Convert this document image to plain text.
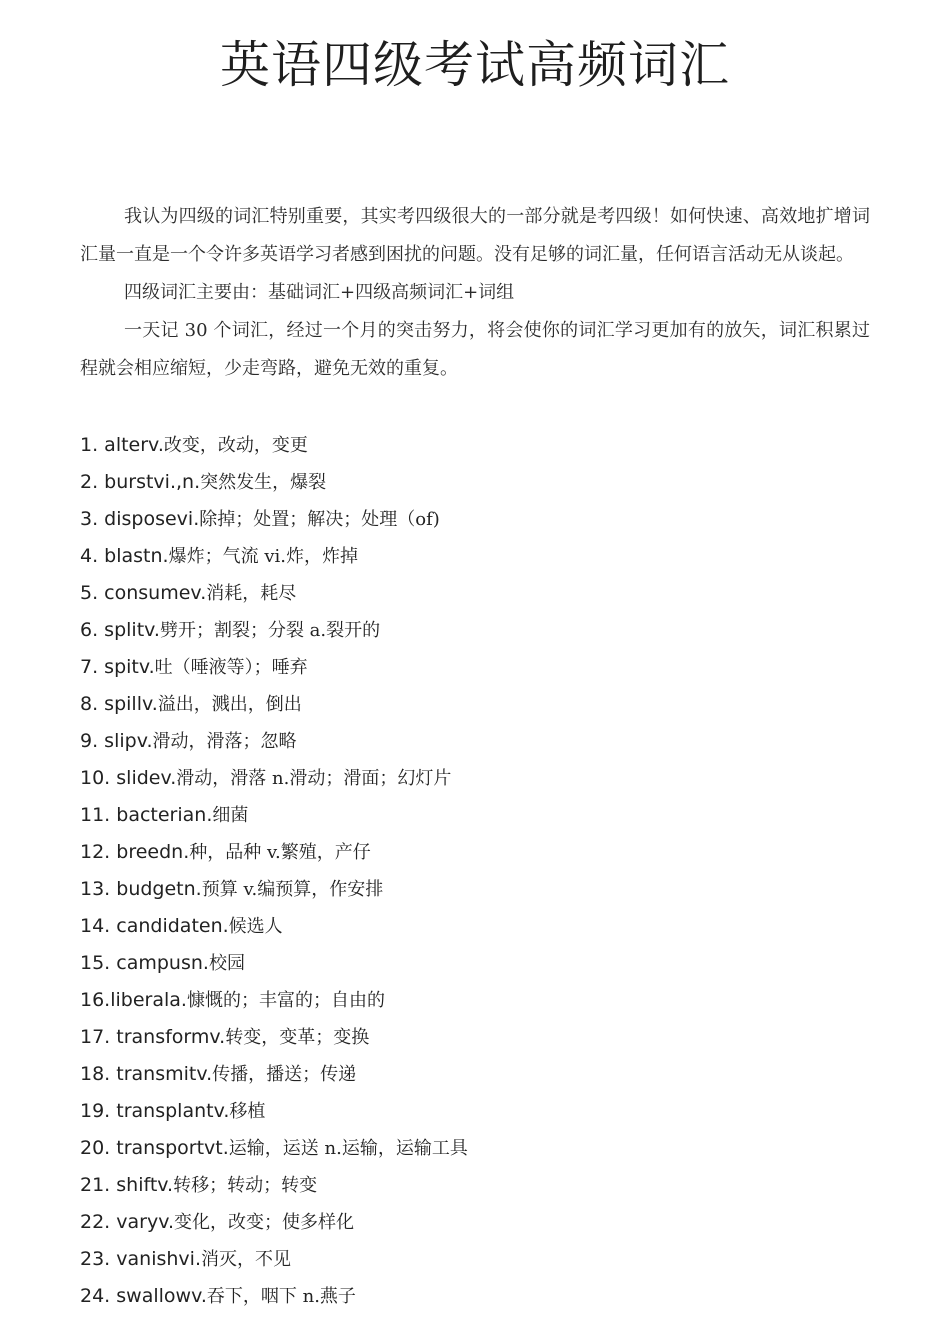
英语四级考试高频词汇

我认为四级的词汇特别重要，其实考四级很大的一部分就是考四级！如何快速、高效地扩增词汇量一直是一个令许多英语学习者感到困扰的问题。没有足够的词汇量，任何语言活动无从谈起。

四级词汇主要由：基础词汇+四级高频词汇+词组

一天记 30 个词汇，经过一个月的突击努力，将会使你的词汇学习更加有的放矢，词汇积累过程就会相应缩短，少走弯路，避免无效的重复。

1. alterv.改变，改动，变更
2. burstvi.,n.突然发生，爆裂
3. disposevi.除掉；处置；解决；处理（of)
4. blastn.爆炸；气流 vi.炸，炸掉
5. consumev.消耗，耗尽
6. splitv.劈开；割裂；分裂 a.裂开的
7. spitv.吐（唾液等）；唾弃
8. spillv.溢出，溅出，倒出
9. slipv.滑动，滑落；忽略
10. slidev.滑动，滑落 n.滑动；滑面；幻灯片
11. bacterian.细菌
12. breedn.种，品种 v.繁殖，产仔
13. budgetn.预算 v.编预算，作安排
14. candidaten.候选人
15. campusn.校园
16.liberala.慷慨的；丰富的；自由的
17. transformv.转变，变革；变换
18. transmitv.传播，播送；传递
19. transplantv.移植
20. transportvt.运输，运送 n.运输，运输工具
21. shiftv.转移；转动；转变
22. varyv.变化，改变；使多样化
23. vanishvi.消灭，不见
24. swallowv.吞下，咽下 n.燕子
